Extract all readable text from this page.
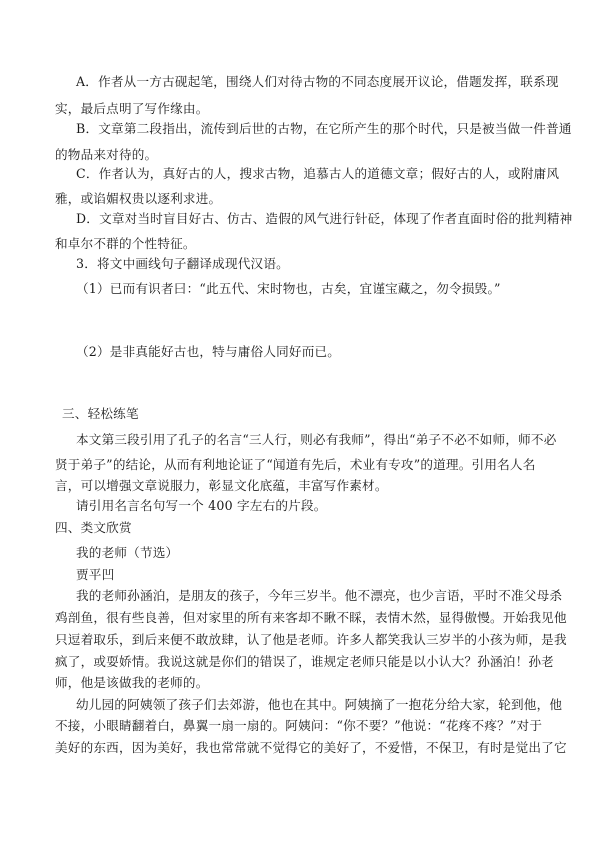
A．作者从一方古砚起笔，围绕人们对待古物的不同态度展开议论，借题发挥，联系现
实，最后点明了写作缘由。
B．文章第二段指出，流传到后世的古物，在它所产生的那个时代，只是被当做一件普通
的物品来对待的。
C．作者认为，真好古的人，搜求古物，追慕古人的道德文章；假好古的人，或附庸风
雅，或谄媚权贵以逐利求进。
D．文章对当时盲目好古、仿古、造假的风气进行针砭，体现了作者直面时俗的批判精神
和卓尔不群的个性特征。
3．将文中画线句子翻译成现代汉语。
（1）已而有识者曰：“此五代、宋时物也，古矣，宜谨宝藏之，勿令损毁。”
（2）是非真能好古也，特与庸俗人同好而已。
三、轻松练笔
本文第三段引用了孔子的名言“三人行，则必有我师”，得出“弟子不必不如师，师不必
贤于弟子”的结论，从而有利地论证了“闻道有先后，术业有专攻”的道理。引用名人名
言，可以增强文章说服力，彰显文化底蕴，丰富写作素材。
请引用名言名句写一个 400 字左右的片段。
四、类文欣赏
我的老师（节选）
贾平凹
我的老师孙涵泊，是朋友的孩子，今年三岁半。他不漂亮，也少言语，平时不准父母杀
鸡剖鱼，很有些良善，但对家里的所有来客却不瞅不睬，表情木然，显得傲慢。开始我见他
只逗着取乐，到后来便不敢放肆，认了他是老师。许多人都笑我认三岁半的小孩为师，是我
疯了，或耍娇情。我说这就是你们的错误了，谁规定老师只能是以小认大？孙涵泊！孙老
师，他是该做我的老师的。
幼儿园的阿姨领了孩子们去郊游，他也在其中。阿姨摘了一抱花分给大家，轮到他，他
不接，小眼睛翻着白，鼻翼一扇一扇的。阿姨问：“你不要？”他说：“花疼不疼？”对于
美好的东西，因为美好，我也常常就不觉得它的美好了，不爱惜，不保卫，有时是觉出了它
